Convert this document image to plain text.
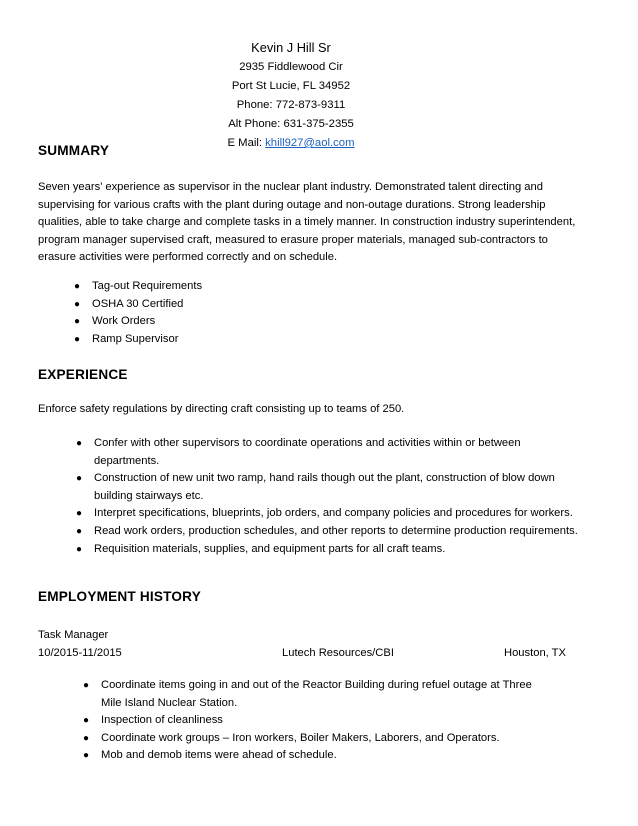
Kevin J Hill Sr
2935 Fiddlewood Cir
Port St Lucie, FL 34952
Phone: 772-873-9311
Alt Phone: 631-375-2355
E Mail: khill927@aol.com
SUMMARY
Seven years’ experience as supervisor in the nuclear plant industry. Demonstrated talent directing and supervising for various crafts with the plant during outage and non-outage durations. Strong leadership qualities, able to take charge and complete tasks in a timely manner. In construction industry superintendent, program manager supervised craft, measured to erasure proper materials, managed sub-contractors to erasure activities were performed correctly and on schedule.
● Tag-out Requirements
● OSHA 30 Certified
● Work Orders
● Ramp Supervisor
EXPERIENCE
Enforce safety regulations by directing craft consisting up to teams of 250.
● Confer with other supervisors to coordinate operations and activities within or between departments.
● Construction of new unit two ramp, hand rails though out the plant, construction of blow down building stairways etc.
● Interpret specifications, blueprints, job orders, and company policies and procedures for workers.
● Read work orders, production schedules, and other reports to determine production requirements.
● Requisition materials, supplies, and equipment parts for all craft teams.
EMPLOYMENT HISTORY
Task Manager
10/2015-11/2015	Lutech Resources/CBI	Houston, TX
● Coordinate items going in and out of the Reactor Building during refuel outage at Three Mile Island Nuclear Station.
● Inspection of cleanliness
● Coordinate work groups – Iron workers, Boiler Makers, Laborers, and Operators.
● Mob and demob items were ahead of schedule.
